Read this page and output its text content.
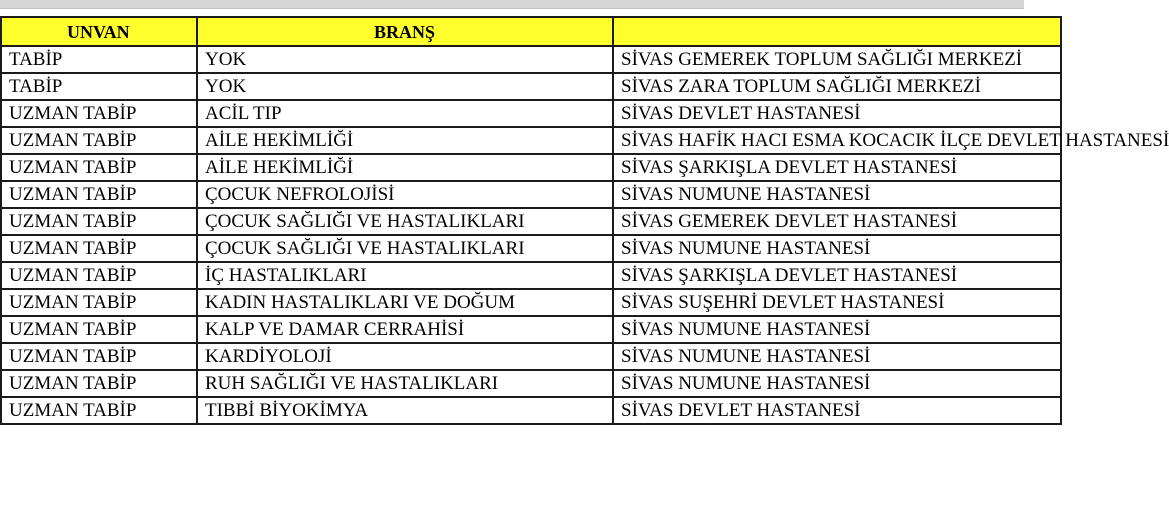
UNVAN	BRANŞ	
TABİP	YOK	SİVAS GEMEREK TOPLUM SAĞLIĞI MERKEZİ
TABİP	YOK	SİVAS ZARA TOPLUM SAĞLIĞI MERKEZİ
UZMAN TABİP	ACİL TIP	SİVAS DEVLET HASTANESİ
UZMAN TABİP	AİLE HEKİMLİĞİ	SİVAS HAFİK HACI ESMA KOCACIK İLÇE DEVLET HASTANESİ
UZMAN TABİP	AİLE HEKİMLİĞİ	SİVAS ŞARKIŞLA DEVLET HASTANESİ
UZMAN TABİP	ÇOCUK NEFROLOJİSİ	SİVAS NUMUNE HASTANESİ
UZMAN TABİP	ÇOCUK SAĞLIĞI VE HASTALIKLARI	SİVAS GEMEREK DEVLET HASTANESİ
UZMAN TABİP	ÇOCUK SAĞLIĞI VE HASTALIKLARI	SİVAS NUMUNE HASTANESİ
UZMAN TABİP	İÇ HASTALIKLARI	SİVAS ŞARKIŞLA DEVLET HASTANESİ
UZMAN TABİP	KADIN HASTALIKLARI VE DOĞUM	SİVAS SUŞEHRİ DEVLET HASTANESİ
UZMAN TABİP	KALP VE DAMAR CERRAHİSİ	SİVAS NUMUNE HASTANESİ
UZMAN TABİP	KARDİYOLOJİ	SİVAS NUMUNE HASTANESİ
UZMAN TABİP	RUH SAĞLIĞI VE HASTALIKLARI	SİVAS NUMUNE HASTANESİ
UZMAN TABİP	TIBBİ BİYOKİMYA	SİVAS DEVLET HASTANESİ
